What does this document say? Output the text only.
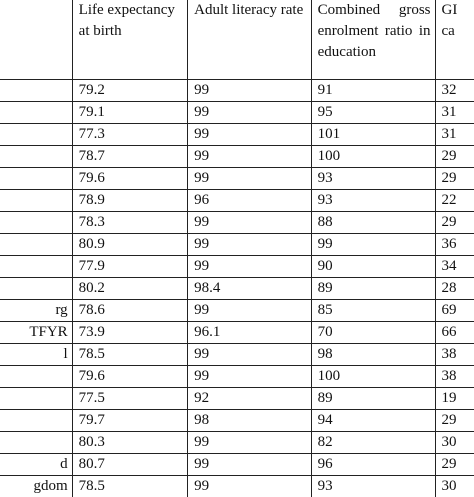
	Life expectancy at birth	Adult literacy rate	Combined gross enrolment ratio in education	GI ca

	79.2	99	91	32
	79.1	99	95	31
	77.3	99	101	31
	78.7	99	100	29
	79.6	99	93	29
	78.9	96	93	22
	78.3	99	88	29
	80.9	99	99	36
	77.9	99	90	34
	80.2	98.4	89	28
rg	78.6	99	85	69
TFYR	73.9	96.1	70	66
l	78.5	99	98	38
	79.6	99	100	38
	77.5	92	89	19
	79.7	98	94	29
	80.3	99	82	30
d	80.7	99	96	29
gdom	78.5	99	93	30
